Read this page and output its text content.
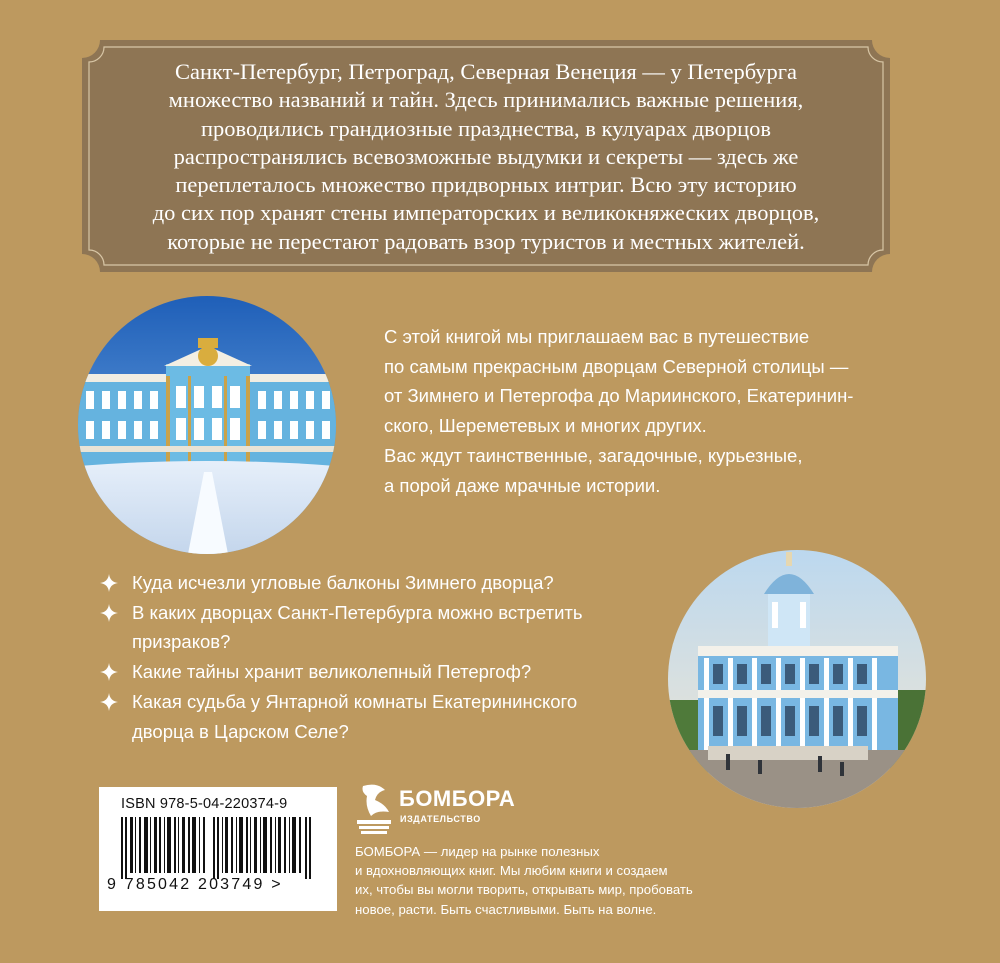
Санкт-Петербург, Петроград, Северная Венеция — у Петербурга
множество названий и тайн. Здесь принимались важные решения,
проводились грандиозные празднества, в кулуарах дворцов
распространялись всевозможные выдумки и секреты — здесь же
переплеталось множество придворных интриг. Всю эту историю
до сих пор хранят стены императорских и великокняжеских дворцов,
которые не перестают радовать взор туристов и местных жителей.
С этой книгой мы приглашаем вас в путешествие
по самым прекрасным дворцам Северной столицы —
от Зимнего и Петергофа до Мариинского, Екатеринин-
ского, Шереметевых и многих других.
Вас ждут таинственные, загадочные, курьезные,
а порой даже мрачные истории.
Куда исчезли угловые балконы Зимнего дворца?
В каких дворцах Санкт-Петербурга можно встретить
призраков?
Какие тайны хранит великолепный Петергоф?
Какая судьба у Янтарной комнаты Екатерининского
дворца в Царском Селе?
ISBN 978-5-04-220374-9
9 785042 203749 >
БОМБОРА
ИЗДАТЕЛЬСТВО
БОМБОРА — лидер на рынке полезных
и вдохновляющих книг. Мы любим книги и создаем
их, чтобы вы могли творить, открывать мир, пробовать
новое, расти. Быть счастливыми. Быть на волне.
